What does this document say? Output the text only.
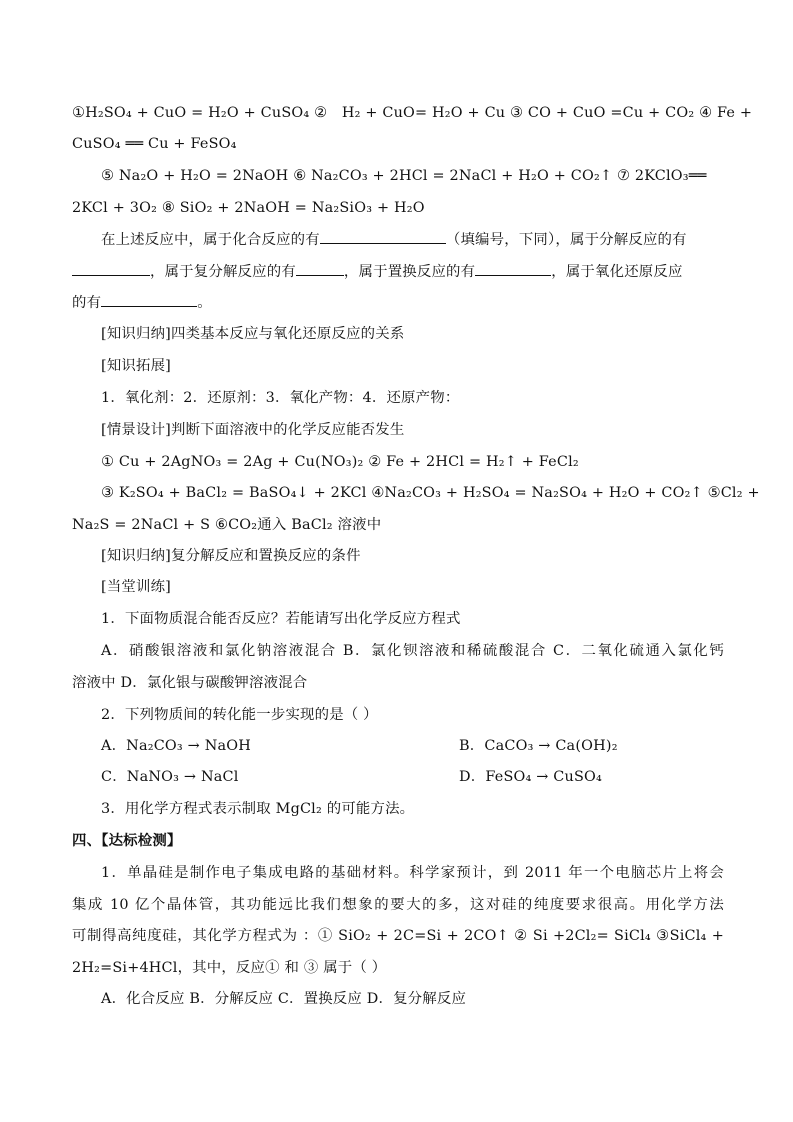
①H₂SO₄ + CuO = H₂O + CuSO₄ ②　H₂ + CuO= H₂O + Cu ③ CO + CuO =Cu + CO₂ ④ Fe +
CuSO₄ ══ Cu + FeSO₄
⑤ Na₂O + H₂O = 2NaOH ⑥ Na₂CO₃ + 2HCl = 2NaCl + H₂O + CO₂↑ ⑦ 2KClO₃══
2KCl + 3O₂ ⑧ SiO₂ + 2NaOH = Na₂SiO₃ + H₂O
在上述反应中，属于化合反应的有	（填编号，下同），属于分解反应的有
，属于复分解反应的有	，属于置换反应的有	，属于氧化还原反应
的有	。
[知识归纳]四类基本反应与氧化还原反应的关系
[知识拓展]
1．氧化剂：2．还原剂：3．氧化产物：4．还原产物：
[情景设计]判断下面溶液中的化学反应能否发生
① Cu + 2AgNO₃ = 2Ag + Cu(NO₃)₂ ② Fe + 2HCl = H₂↑ + FeCl₂
③ K₂SO₄ + BaCl₂ = BaSO₄↓ + 2KCl ④Na₂CO₃ + H₂SO₄ = Na₂SO₄ + H₂O + CO₂↑ ⑤Cl₂ +
Na₂S = 2NaCl + S ⑥CO₂通入 BaCl₂ 溶液中
[知识归纳]复分解反应和置换反应的条件
[当堂训练]
1．下面物质混合能否反应？若能请写出化学反应方程式
A．硝酸银溶液和氯化钠溶液混合 B．氯化钡溶液和稀硫酸混合 C．二氧化硫通入氯化钙
溶液中 D．氯化银与碳酸钾溶液混合
2．下列物质间的转化能一步实现的是（ ）
A．Na₂CO₃ → NaOH	B．CaCO₃ → Ca(OH)₂
C．NaNO₃ → NaCl	D．FeSO₄ → CuSO₄
3．用化学方程式表示制取 MgCl₂ 的可能方法。
四、【达标检测】
1．单晶硅是制作电子集成电路的基础材料。科学家预计，到 2011 年一个电脑芯片上将会
集成 10 亿个晶体管，其功能远比我们想象的要大的多，这对硅的纯度要求很高。用化学方法
可制得高纯度硅，其化学方程式为 ：① SiO₂ + 2C=Si + 2CO↑ ② Si +2Cl₂= SiCl₄ ③SiCl₄ +
2H₂=Si+4HCl，其中，反应① 和 ③ 属于（ ）
A．化合反应 B．分解反应 C．置换反应 D．复分解反应
